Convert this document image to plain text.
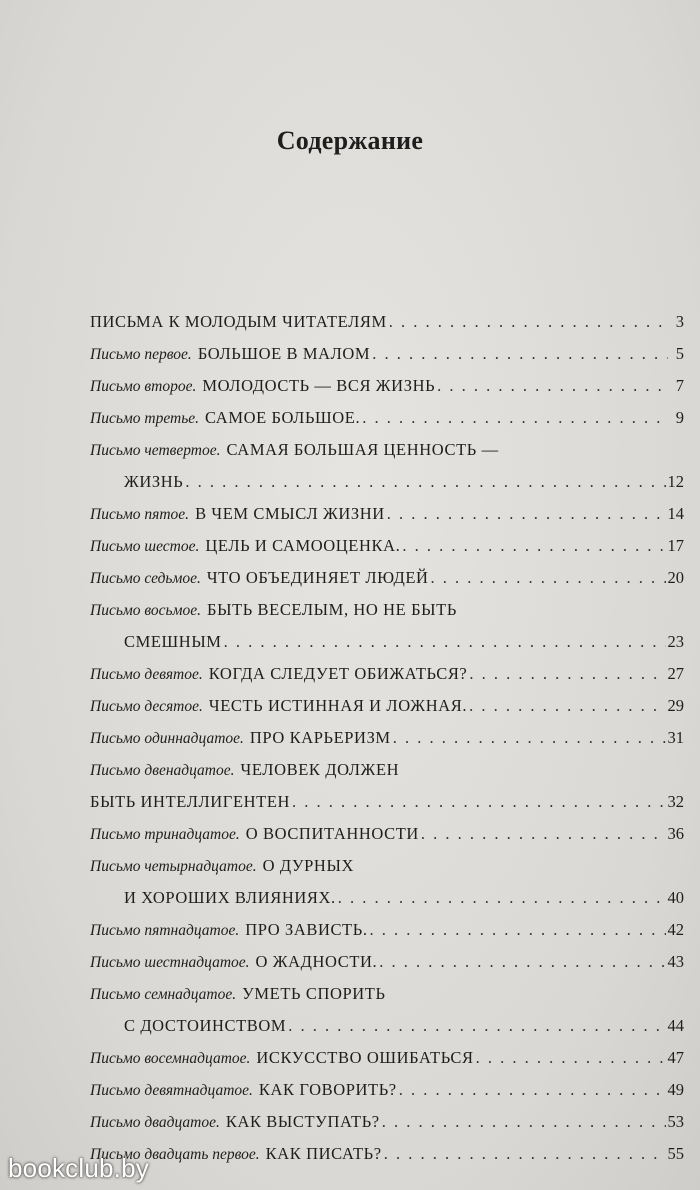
Содержание
ПИСЬМА К МОЛОДЫМ ЧИТАТЕЛЯМ . . .	3
Письмо первое. БОЛЬШОЕ В МАЛОМ . . .	5
Письмо второе. МОЛОДОСТЬ — ВСЯ ЖИЗНЬ . . .	7
Письмо третье. САМОЕ БОЛЬШОЕ. . . .	9
Письмо четвертое. САМАЯ БОЛЬШАЯ ЦЕННОСТЬ —
ЖИЗНЬ . . .	12
Письмо пятое. В ЧЕМ СМЫСЛ ЖИЗНИ . . .	14
Письмо шестое. ЦЕЛЬ И САМООЦЕНКА. . . .	17
Письмо седьмое. ЧТО ОБЪЕДИНЯЕТ ЛЮДЕЙ . . .	20
Письмо восьмое. БЫТЬ ВЕСЕЛЫМ, НО НЕ БЫТЬ
СМЕШНЫМ . . .	23
Письмо девятое. КОГДА СЛЕДУЕТ ОБИЖАТЬСЯ? . . .	27
Письмо десятое. ЧЕСТЬ ИСТИННАЯ И ЛОЖНАЯ. . . .	29
Письмо одиннадцатое. ПРО КАРЬЕРИЗМ . . .	31
Письмо двенадцатое. ЧЕЛОВЕК ДОЛЖЕН
БЫТЬ ИНТЕЛЛИГЕНТЕН . . .	32
Письмо тринадцатое. О ВОСПИТАННОСТИ . . .	36
Письмо четырнадцатое. О ДУРНЫХ
И ХОРОШИХ ВЛИЯНИЯХ. . . .	40
Письмо пятнадцатое. ПРО ЗАВИСТЬ. . . .	42
Письмо шестнадцатое. О ЖАДНОСТИ. . . .	43
Письмо семнадцатое. УМЕТЬ СПОРИТЬ
С ДОСТОИНСТВОМ . . .	44
Письмо восемнадцатое. ИСКУССТВО ОШИБАТЬСЯ . . .	47
Письмо девятнадцатое. КАК ГОВОРИТЬ? . . .	49
Письмо двадцатое. КАК ВЫСТУПАТЬ? . . .	53
Письмо двадцать первое. КАК ПИСАТЬ? . . .	55
bookclub.by
